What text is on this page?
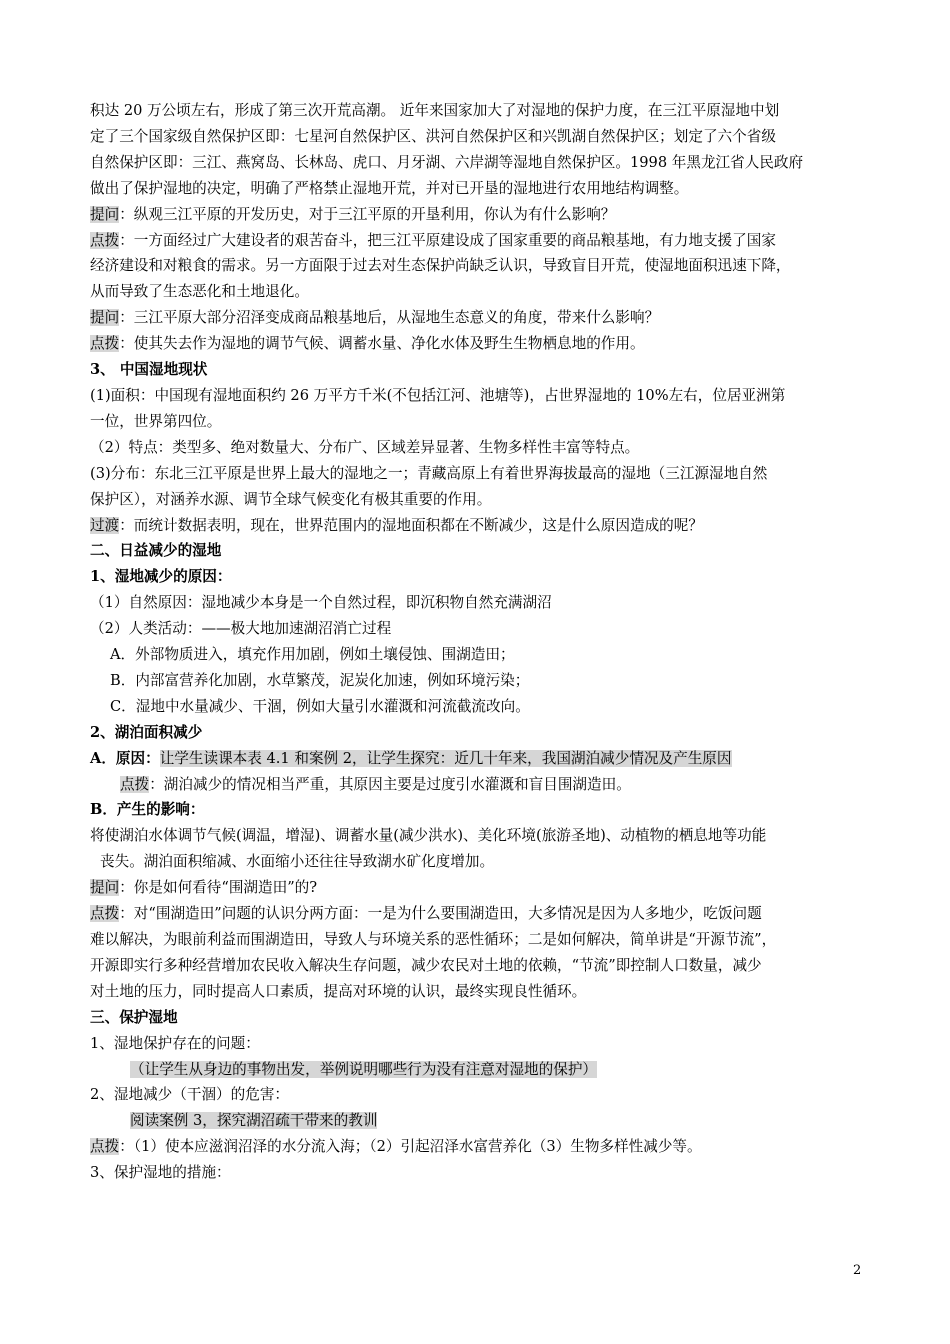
积达 20 万公顷左右，形成了第三次开荒高潮。 近年来国家加大了对湿地的保护力度，在三江平原湿地中划

定了三个国家级自然保护区即：七星河自然保护区、洪河自然保护区和兴凯湖自然保护区；划定了六个省级

自然保护区即：三江、燕窝岛、长林岛、虎口、月牙湖、六岸湖等湿地自然保护区。1998 年黑龙江省人民政府

做出了保护湿地的决定，明确了严格禁止湿地开荒，并对已开垦的湿地进行农用地结构调整。

提问：纵观三江平原的开发历史，对于三江平原的开垦利用，你认为有什么影响？

点拨：一方面经过广大建设者的艰苦奋斗，把三江平原建设成了国家重要的商品粮基地，有力地支援了国家

经济建设和对粮食的需求。另一方面限于过去对生态保护尚缺乏认识，导致盲目开荒，使湿地面积迅速下降，

从而导致了生态恶化和土地退化。

提问：三江平原大部分沼泽变成商品粮基地后，从湿地生态意义的角度，带来什么影响？

点拨：使其失去作为湿地的调节气候、调蓄水量、净化水体及野生生物栖息地的作用。

3、 中国湿地现状

(1)面积：中国现有湿地面积约 26 万平方千米(不包括江河、池塘等)，占世界湿地的 10%左右，位居亚洲第

一位，世界第四位。

（2）特点：类型多、绝对数量大、分布广、区域差异显著、生物多样性丰富等特点。

(3)分布：东北三江平原是世界上最大的湿地之一；青藏高原上有着世界海拔最高的湿地（三江源湿地自然

保护区），对涵养水源、调节全球气候变化有极其重要的作用。

过渡：而统计数据表明，现在，世界范围内的湿地面积都在不断减少，这是什么原因造成的呢？

二、日益减少的湿地

1、湿地减少的原因：

（1）自然原因：湿地减少本身是一个自然过程，即沉积物自然充满湖沼

（2）人类活动：——极大地加速湖沼消亡过程

A．外部物质进入，填充作用加剧，例如土壤侵蚀、围湖造田；

B．内部富营养化加剧，水草繁茂，泥炭化加速，例如环境污染；

C．湿地中水量减少、干涸，例如大量引水灌溉和河流截流改向。

2、湖泊面积减少

A．原因：让学生读课本表 4.1 和案例 2，让学生探究：近几十年来，我国湖泊减少情况及产生原因

点拨：湖泊减少的情况相当严重，其原因主要是过度引水灌溉和盲目围湖造田。

B．产生的影响：

将使湖泊水体调节气候(调温，增湿)、调蓄水量(减少洪水)、美化环境(旅游圣地)、动植物的栖息地等功能

丧失。湖泊面积缩减、水面缩小还往往导致湖水矿化度增加。

提问：你是如何看待“围湖造田”的?

点拨：对“围湖造田”问题的认识分两方面：一是为什么要围湖造田，大多情况是因为人多地少，吃饭问题

难以解决，为眼前利益而围湖造田，导致人与环境关系的恶性循环；二是如何解决，简单讲是“开源节流”，

开源即实行多种经营增加农民收入解决生存问题，减少农民对土地的依赖，“节流”即控制人口数量，减少

对土地的压力，同时提高人口素质，提高对环境的认识，最终实现良性循环。

三、保护湿地

1、湿地保护存在的问题：

（让学生从身边的事物出发，举例说明哪些行为没有注意对湿地的保护）

2、湿地减少（干涸）的危害：

阅读案例 3，探究湖沼疏干带来的教训

点拨：（1）使本应滋润沼泽的水分流入海；（2）引起沼泽水富营养化（3）生物多样性减少等。

3、保护湿地的措施：

2
